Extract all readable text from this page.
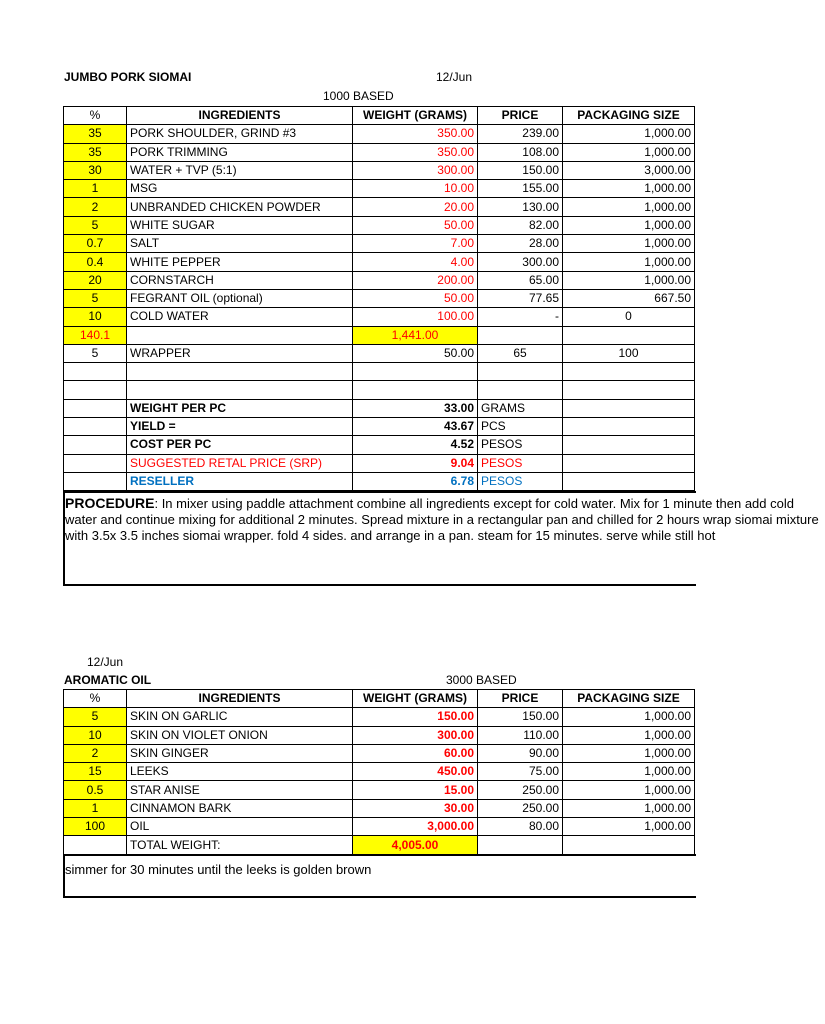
JUMBO PORK SIOMAI	12/Jun
1000 BASED
%	INGREDIENTS	WEIGHT (GRAMS)	PRICE	PACKAGING SIZE
35	PORK SHOULDER, GRIND #3	350.00	239.00	1,000.00
35	PORK TRIMMING	350.00	108.00	1,000.00
30	WATER + TVP (5:1)	300.00	150.00	3,000.00
1	MSG	10.00	155.00	1,000.00
2	UNBRANDED CHICKEN POWDER	20.00	130.00	1,000.00
5	WHITE SUGAR	50.00	82.00	1,000.00
0.7	SALT	7.00	28.00	1,000.00
0.4	WHITE PEPPER	4.00	300.00	1,000.00
20	CORNSTARCH	200.00	65.00	1,000.00
5	FEGRANT OIL (optional)	50.00	77.65	667.50
10	COLD WATER	100.00	-	0
140.1		1,441.00		
5	WRAPPER	50.00	65	100

	WEIGHT PER PC	33.00	GRAMS	
	YIELD =	43.67	PCS	
	COST PER PC	4.52	PESOS	
	SUGGESTED RETAL PRICE (SRP)	9.04	PESOS	
	RESELLER	6.78	PESOS	
PROCEDURE: In mixer using paddle attachment combine all ingredients except for cold water. Mix for 1 minute then add cold water and continue mixing for additional 2 minutes. Spread mixture in a rectangular pan and chilled for 2 hours wrap siomai mixture with 3.5x 3.5 inches siomai wrapper. fold 4 sides. and arrange in a pan. steam for 15 minutes. serve while still hot
12/Jun
AROMATIC OIL	3000 BASED
%	INGREDIENTS	WEIGHT (GRAMS)	PRICE	PACKAGING SIZE
5	SKIN ON GARLIC	150.00	150.00	1,000.00
10	SKIN ON VIOLET ONION	300.00	110.00	1,000.00
2	SKIN GINGER	60.00	90.00	1,000.00
15	LEEKS	450.00	75.00	1,000.00
0.5	STAR ANISE	15.00	250.00	1,000.00
1	CINNAMON BARK	30.00	250.00	1,000.00
100	OIL	3,000.00	80.00	1,000.00
	TOTAL WEIGHT:	4,005.00		
simmer for 30 minutes until the leeks is golden brown
